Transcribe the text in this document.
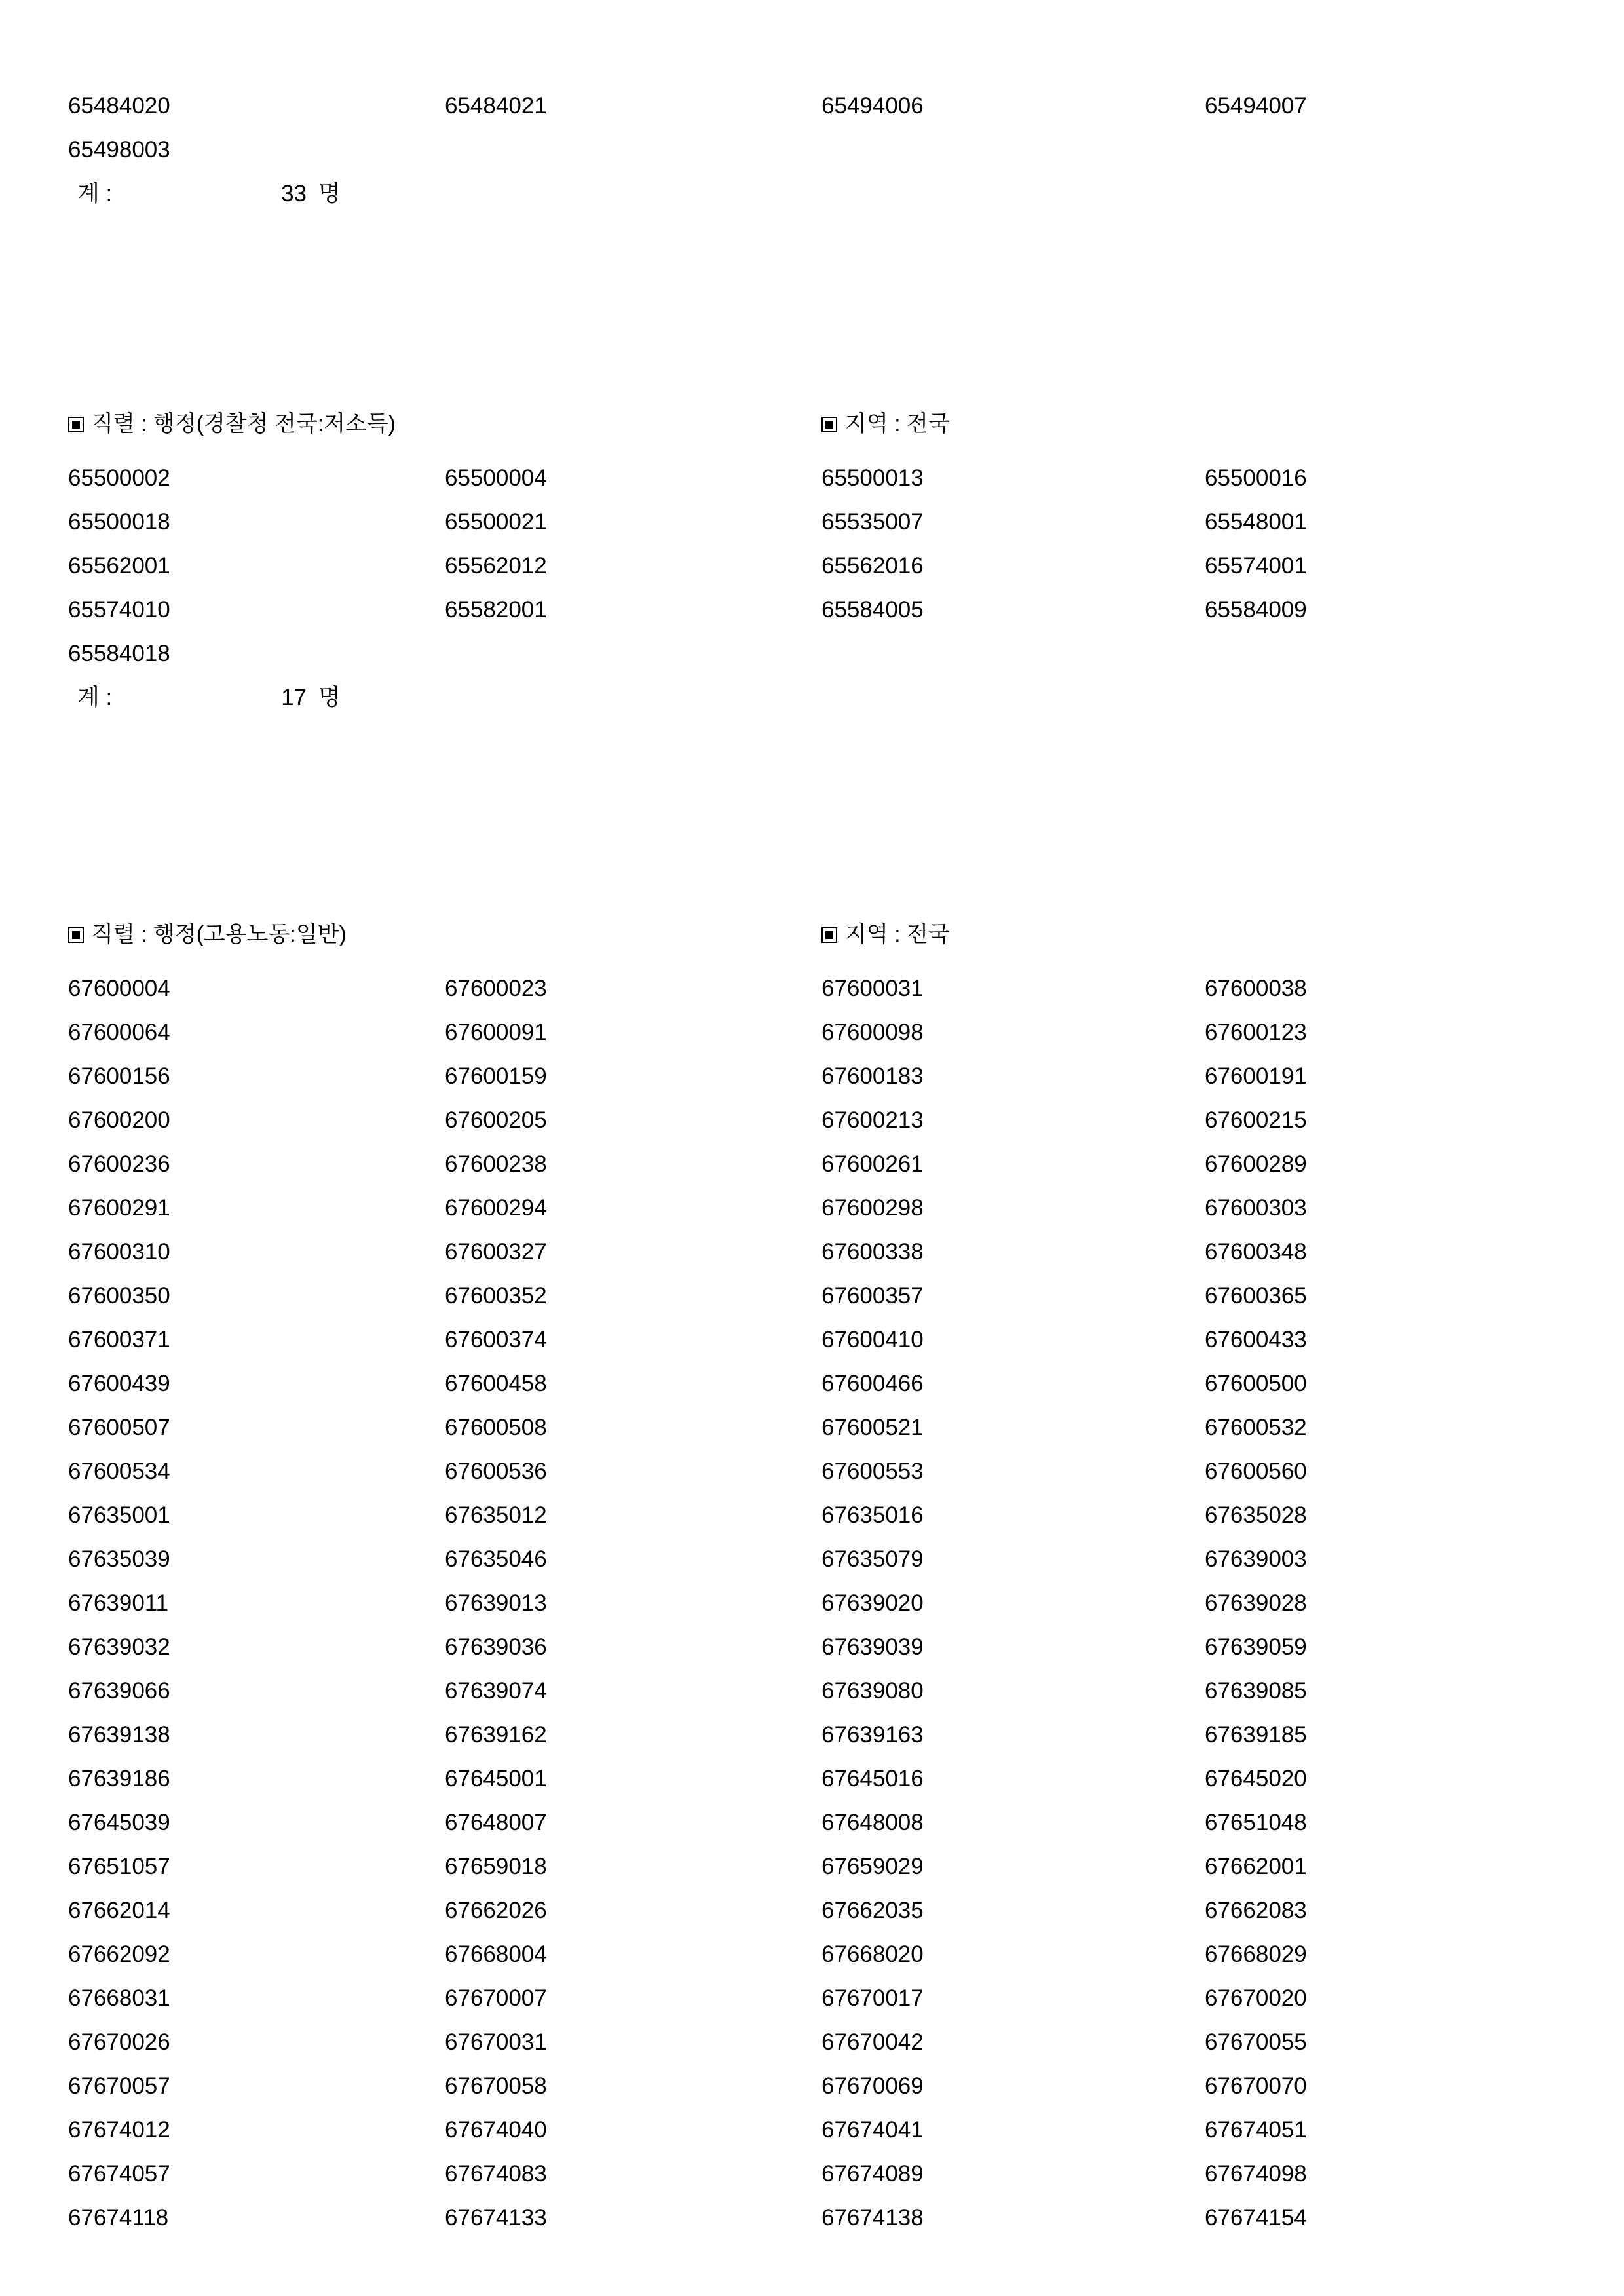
65484020	65484021	65494006	65494007
65498003
계 :	33 명
직렬 : 행정(경찰청 전국:저소득)	지역 : 전국
65500002	65500004	65500013	65500016
65500018	65500021	65535007	65548001
65562001	65562012	65562016	65574001
65574010	65582001	65584005	65584009
65584018
계 :	17 명
직렬 : 행정(고용노동:일반)	지역 : 전국
67600004	67600023	67600031	67600038
67600064	67600091	67600098	67600123
67600156	67600159	67600183	67600191
67600200	67600205	67600213	67600215
67600236	67600238	67600261	67600289
67600291	67600294	67600298	67600303
67600310	67600327	67600338	67600348
67600350	67600352	67600357	67600365
67600371	67600374	67600410	67600433
67600439	67600458	67600466	67600500
67600507	67600508	67600521	67600532
67600534	67600536	67600553	67600560
67635001	67635012	67635016	67635028
67635039	67635046	67635079	67639003
67639011	67639013	67639020	67639028
67639032	67639036	67639039	67639059
67639066	67639074	67639080	67639085
67639138	67639162	67639163	67639185
67639186	67645001	67645016	67645020
67645039	67648007	67648008	67651048
67651057	67659018	67659029	67662001
67662014	67662026	67662035	67662083
67662092	67668004	67668020	67668029
67668031	67670007	67670017	67670020
67670026	67670031	67670042	67670055
67670057	67670058	67670069	67670070
67674012	67674040	67674041	67674051
67674057	67674083	67674089	67674098
67674118	67674133	67674138	67674154
